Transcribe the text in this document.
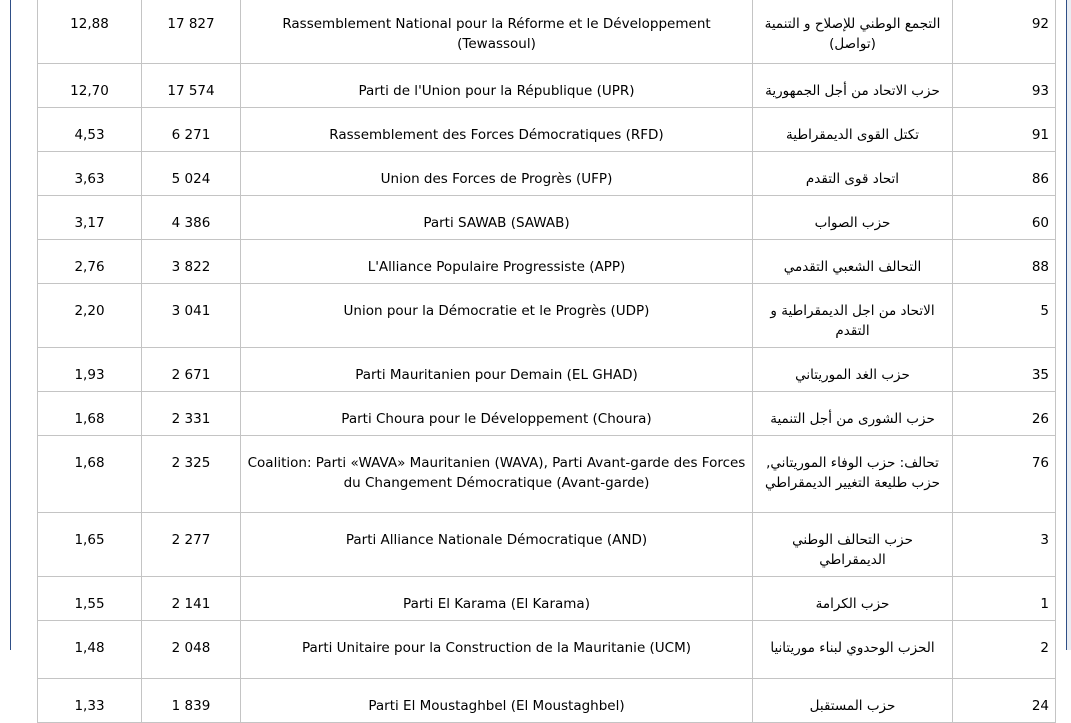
12,88	17 827	Rassemblement National pour la Réforme et le Développement (Tewassoul)	التجمع الوطني للإصلاح و التنمية (تواصل)	92
12,70	17 574	Parti de l'Union pour la République (UPR)	حزب الاتحاد من أجل الجمهورية	93
4,53	6 271	Rassemblement des Forces Démocratiques (RFD)	تكتل القوى الديمقراطية	91
3,63	5 024	Union des Forces de Progrès (UFP)	اتحاد قوى التقدم	86
3,17	4 386	Parti SAWAB (SAWAB)	حزب الصواب	60
2,76	3 822	L'Alliance Populaire Progressiste (APP)	التحالف الشعبي التقدمي	88
2,20	3 041	Union pour la Démocratie et le Progrès (UDP)	الاتحاد من اجل الديمقراطية و التقدم	5
1,93	2 671	Parti Mauritanien pour Demain (EL GHAD)	حزب الغد الموريتاني	35
1,68	2 331	Parti Choura pour le Développement (Choura)	حزب الشورى من أجل التنمية	26
1,68	2 325	Coalition: Parti «WAVA» Mauritanien (WAVA), Parti Avant-garde des Forces du Changement Démocratique (Avant-garde)	تحالف: حزب الوفاء الموريتاني, حزب طليعة التغيير الديمقراطي	76
1,65	2 277	Parti Alliance Nationale Démocratique (AND)	حزب التحالف الوطني الديمقراطي	3
1,55	2 141	Parti El Karama (El Karama)	حزب الكرامة	1
1,48	2 048	Parti Unitaire pour la Construction de la Mauritanie (UCM)	الحزب الوحدوي لبناء موريتانيا	2
1,33	1 839	Parti El Moustaghbel (El Moustaghbel)	حزب المستقبل	24
